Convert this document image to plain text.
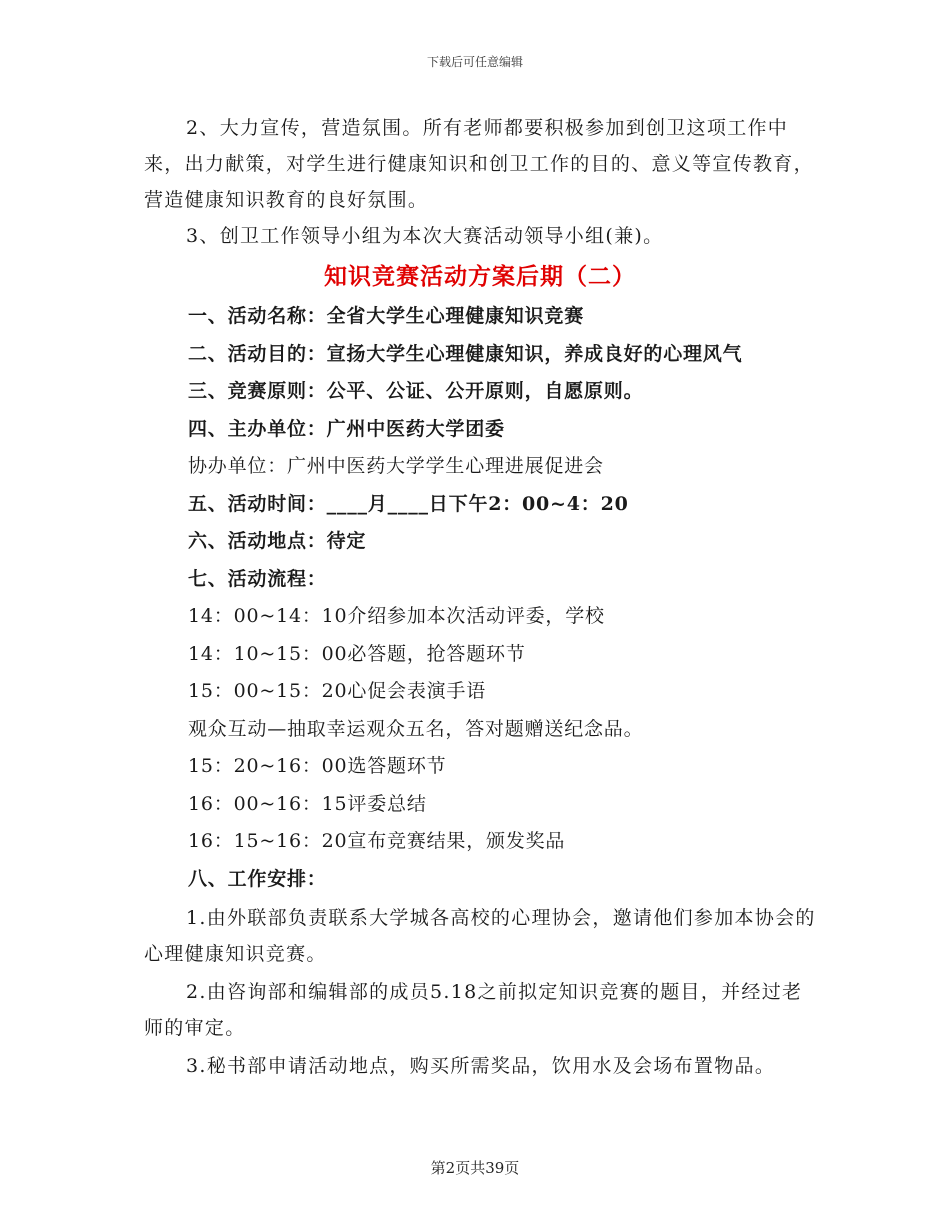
下载后可任意编辑

2、大力宣传，营造氛围。所有老师都要积极参加到创卫这项工作中来，出力献策，对学生进行健康知识和创卫工作的目的、意义等宣传教育，营造健康知识教育的良好氛围。

3、创卫工作领导小组为本次大赛活动领导小组(兼)。

知识竞赛活动方案后期（二）

一、活动名称：全省大学生心理健康知识竞赛

二、活动目的：宣扬大学生心理健康知识，养成良好的心理风气

三、竞赛原则：公平、公证、公开原则，自愿原则。

四、主办单位：广州中医药大学团委

协办单位：广州中医药大学学生心理进展促进会

五、活动时间：____月____日下午2：00~4：20

六、活动地点：待定

七、活动流程：

14：00~14：10介绍参加本次活动评委，学校

14：10~15：00必答题，抢答题环节

15：00~15：20心促会表演手语

观众互动—抽取幸运观众五名，答对题赠送纪念品。

15：20~16：00选答题环节

16：00~16：15评委总结

16：15~16：20宣布竞赛结果，颁发奖品

八、工作安排：

1.由外联部负责联系大学城各高校的心理协会，邀请他们参加本协会的心理健康知识竞赛。

2.由咨询部和编辑部的成员5.18之前拟定知识竞赛的题目，并经过老师的审定。

3.秘书部申请活动地点，购买所需奖品，饮用水及会场布置物品。

第2页共39页
